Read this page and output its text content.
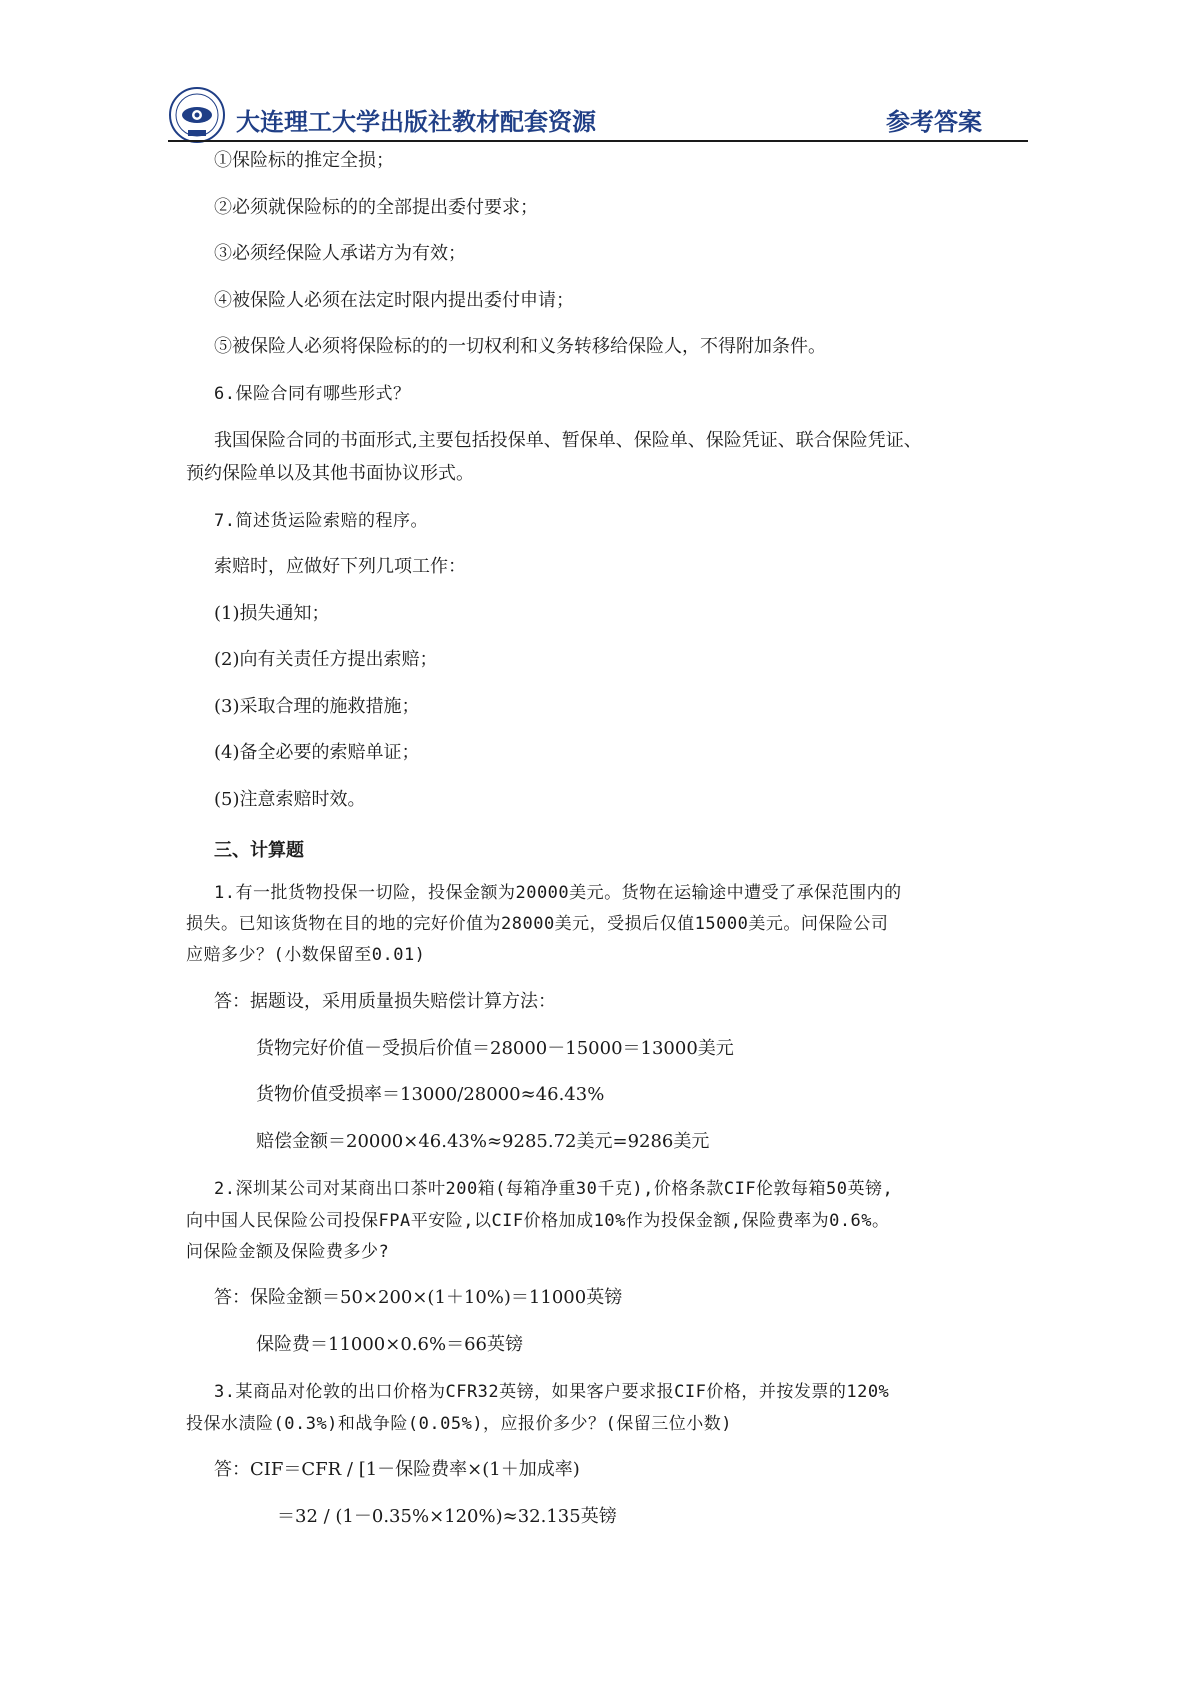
大连理工大学出版社教材配套资源	参考答案
①保险标的推定全损；
②必须就保险标的的全部提出委付要求；
③必须经保险人承诺方为有效；
④被保险人必须在法定时限内提出委付申请；
⑤被保险人必须将保险标的的一切权利和义务转移给保险人，不得附加条件。
6.保险合同有哪些形式？
我国保险合同的书面形式,主要包括投保单、暂保单、保险单、保险凭证、联合保险凭证、
预约保险单以及其他书面协议形式。
7.简述货运险索赔的程序。
索赔时，应做好下列几项工作：
(1)损失通知；
(2)向有关责任方提出索赔；
(3)采取合理的施救措施；
(4)备全必要的索赔单证；
(5)注意索赔时效。
三、计算题
1.有一批货物投保一切险，投保金额为20000美元。货物在运输途中遭受了承保范围内的
损失。已知该货物在目的地的完好价值为28000美元，受损后仅值15000美元。问保险公司
应赔多少？(小数保留至0.01)
答：据题设，采用质量损失赔偿计算方法：
货物完好价值－受损后价值＝28000－15000＝13000美元
货物价值受损率＝13000/28000≈46.43%
赔偿金额＝20000×46.43%≈9285.72美元=9286美元
2.深圳某公司对某商出口茶叶200箱(每箱净重30千克),价格条款CIF伦敦每箱50英镑,
向中国人民保险公司投保FPA平安险,以CIF价格加成10%作为投保金额,保险费率为0.6%。
问保险金额及保险费多少?
答：保险金额＝50×200×(1＋10%)＝11000英镑
保险费＝11000×0.6%＝66英镑
3.某商品对伦敦的出口价格为CFR32英镑，如果客户要求报CIF价格，并按发票的120%
投保水渍险(0.3%)和战争险(0.05%)，应报价多少？(保留三位小数)
答：CIF＝CFR / [1－保险费率×(1＋加成率)
＝32 / (1－0.35%×120%)≈32.135英镑
